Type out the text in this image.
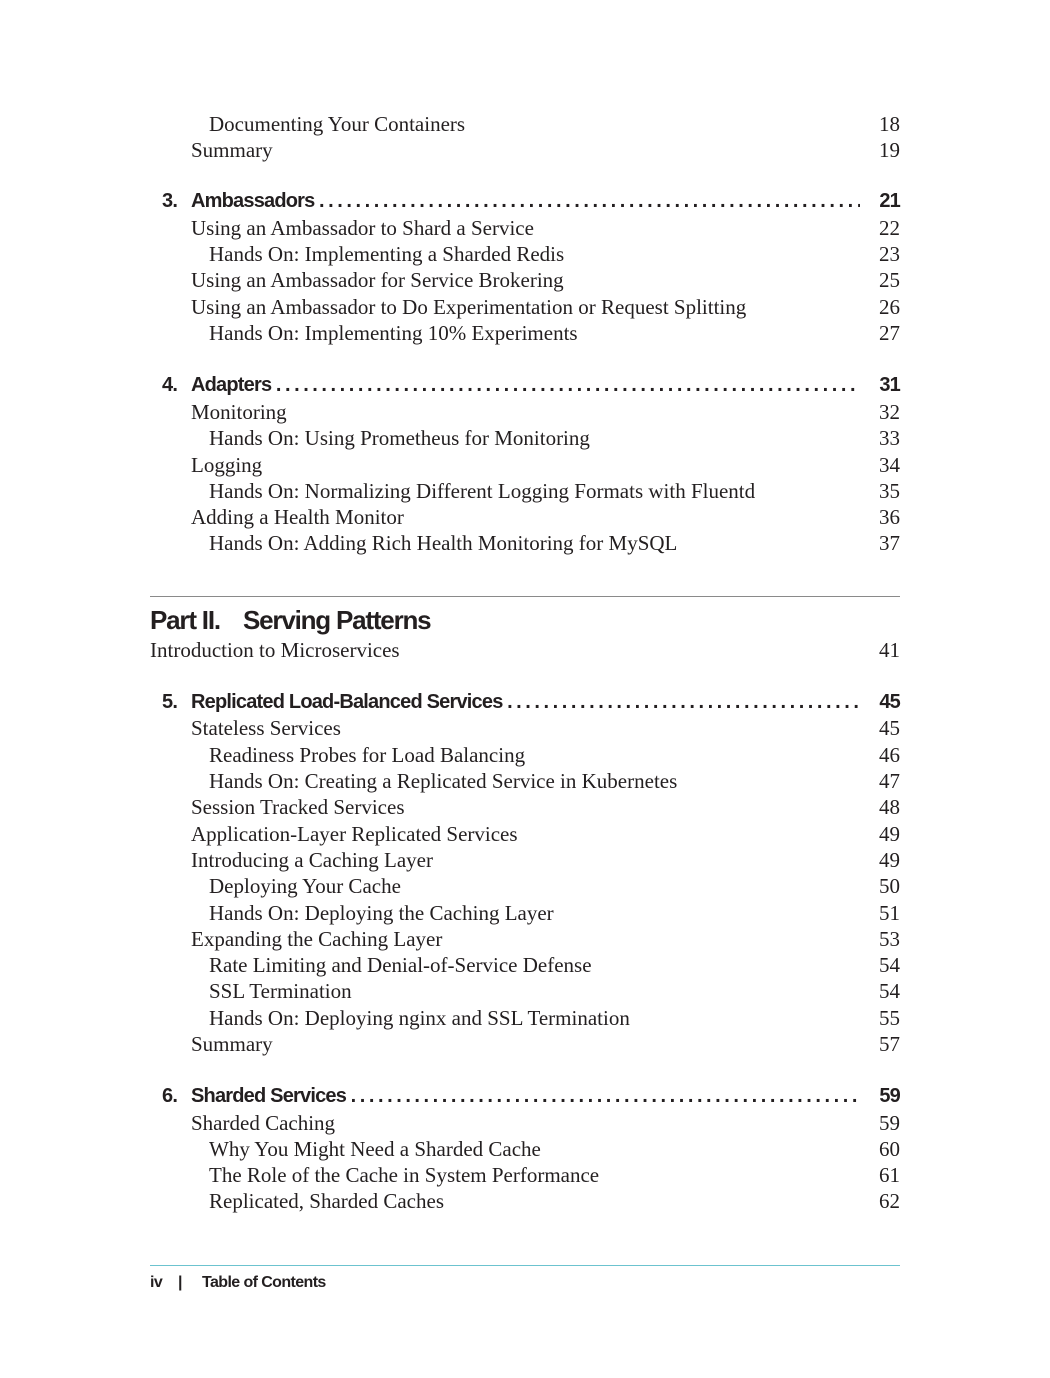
Documenting Your Containers	18
Summary	19
3. Ambassadors . . .	21
Using an Ambassador to Shard a Service	22
Hands On: Implementing a Sharded Redis	23
Using an Ambassador for Service Brokering	25
Using an Ambassador to Do Experimentation or Request Splitting	26
Hands On: Implementing 10% Experiments	27
4. Adapters . . .	31
Monitoring	32
Hands On: Using Prometheus for Monitoring	33
Logging	34
Hands On: Normalizing Different Logging Formats with Fluentd	35
Adding a Health Monitor	36
Hands On: Adding Rich Health Monitoring for MySQL	37
Part II. Serving Patterns
Introduction to Microservices	41
5. Replicated Load-Balanced Services . . .	45
Stateless Services	45
Readiness Probes for Load Balancing	46
Hands On: Creating a Replicated Service in Kubernetes	47
Session Tracked Services	48
Application-Layer Replicated Services	49
Introducing a Caching Layer	49
Deploying Your Cache	50
Hands On: Deploying the Caching Layer	51
Expanding the Caching Layer	53
Rate Limiting and Denial-of-Service Defense	54
SSL Termination	54
Hands On: Deploying nginx and SSL Termination	55
Summary	57
6. Sharded Services . . .	59
Sharded Caching	59
Why You Might Need a Sharded Cache	60
The Role of the Cache in System Performance	61
Replicated, Sharded Caches	62
iv | Table of Contents
